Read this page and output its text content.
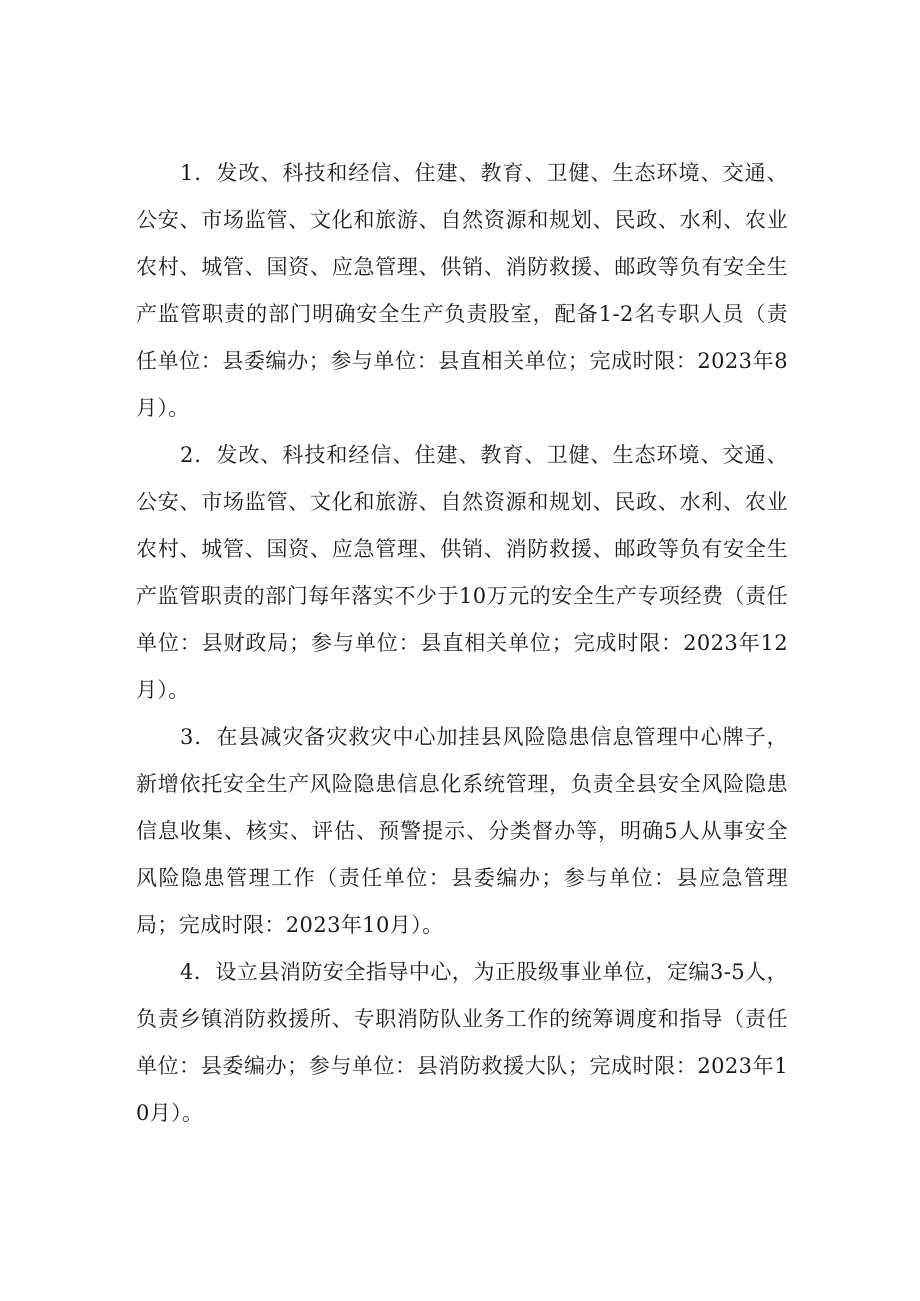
1．发改、科技和经信、住建、教育、卫健、生态环境、交通、公安、市场监管、文化和旅游、自然资源和规划、民政、水利、农业农村、城管、国资、应急管理、供销、消防救援、邮政等负有安全生产监管职责的部门明确安全生产负责股室，配备1-2名专职人员（责任单位：县委编办；参与单位：县直相关单位；完成时限：2023年8月）。

2．发改、科技和经信、住建、教育、卫健、生态环境、交通、公安、市场监管、文化和旅游、自然资源和规划、民政、水利、农业农村、城管、国资、应急管理、供销、消防救援、邮政等负有安全生产监管职责的部门每年落实不少于10万元的安全生产专项经费（责任单位：县财政局；参与单位：县直相关单位；完成时限：2023年12月）。

3．在县减灾备灾救灾中心加挂县风险隐患信息管理中心牌子，新增依托安全生产风险隐患信息化系统管理，负责全县安全风险隐患信息收集、核实、评估、预警提示、分类督办等，明确5人从事安全风险隐患管理工作（责任单位：县委编办；参与单位：县应急管理局；完成时限：2023年10月）。

4．设立县消防安全指导中心，为正股级事业单位，定编3-5人，负责乡镇消防救援所、专职消防队业务工作的统筹调度和指导（责任单位：县委编办；参与单位：县消防救援大队；完成时限：2023年10月）。
